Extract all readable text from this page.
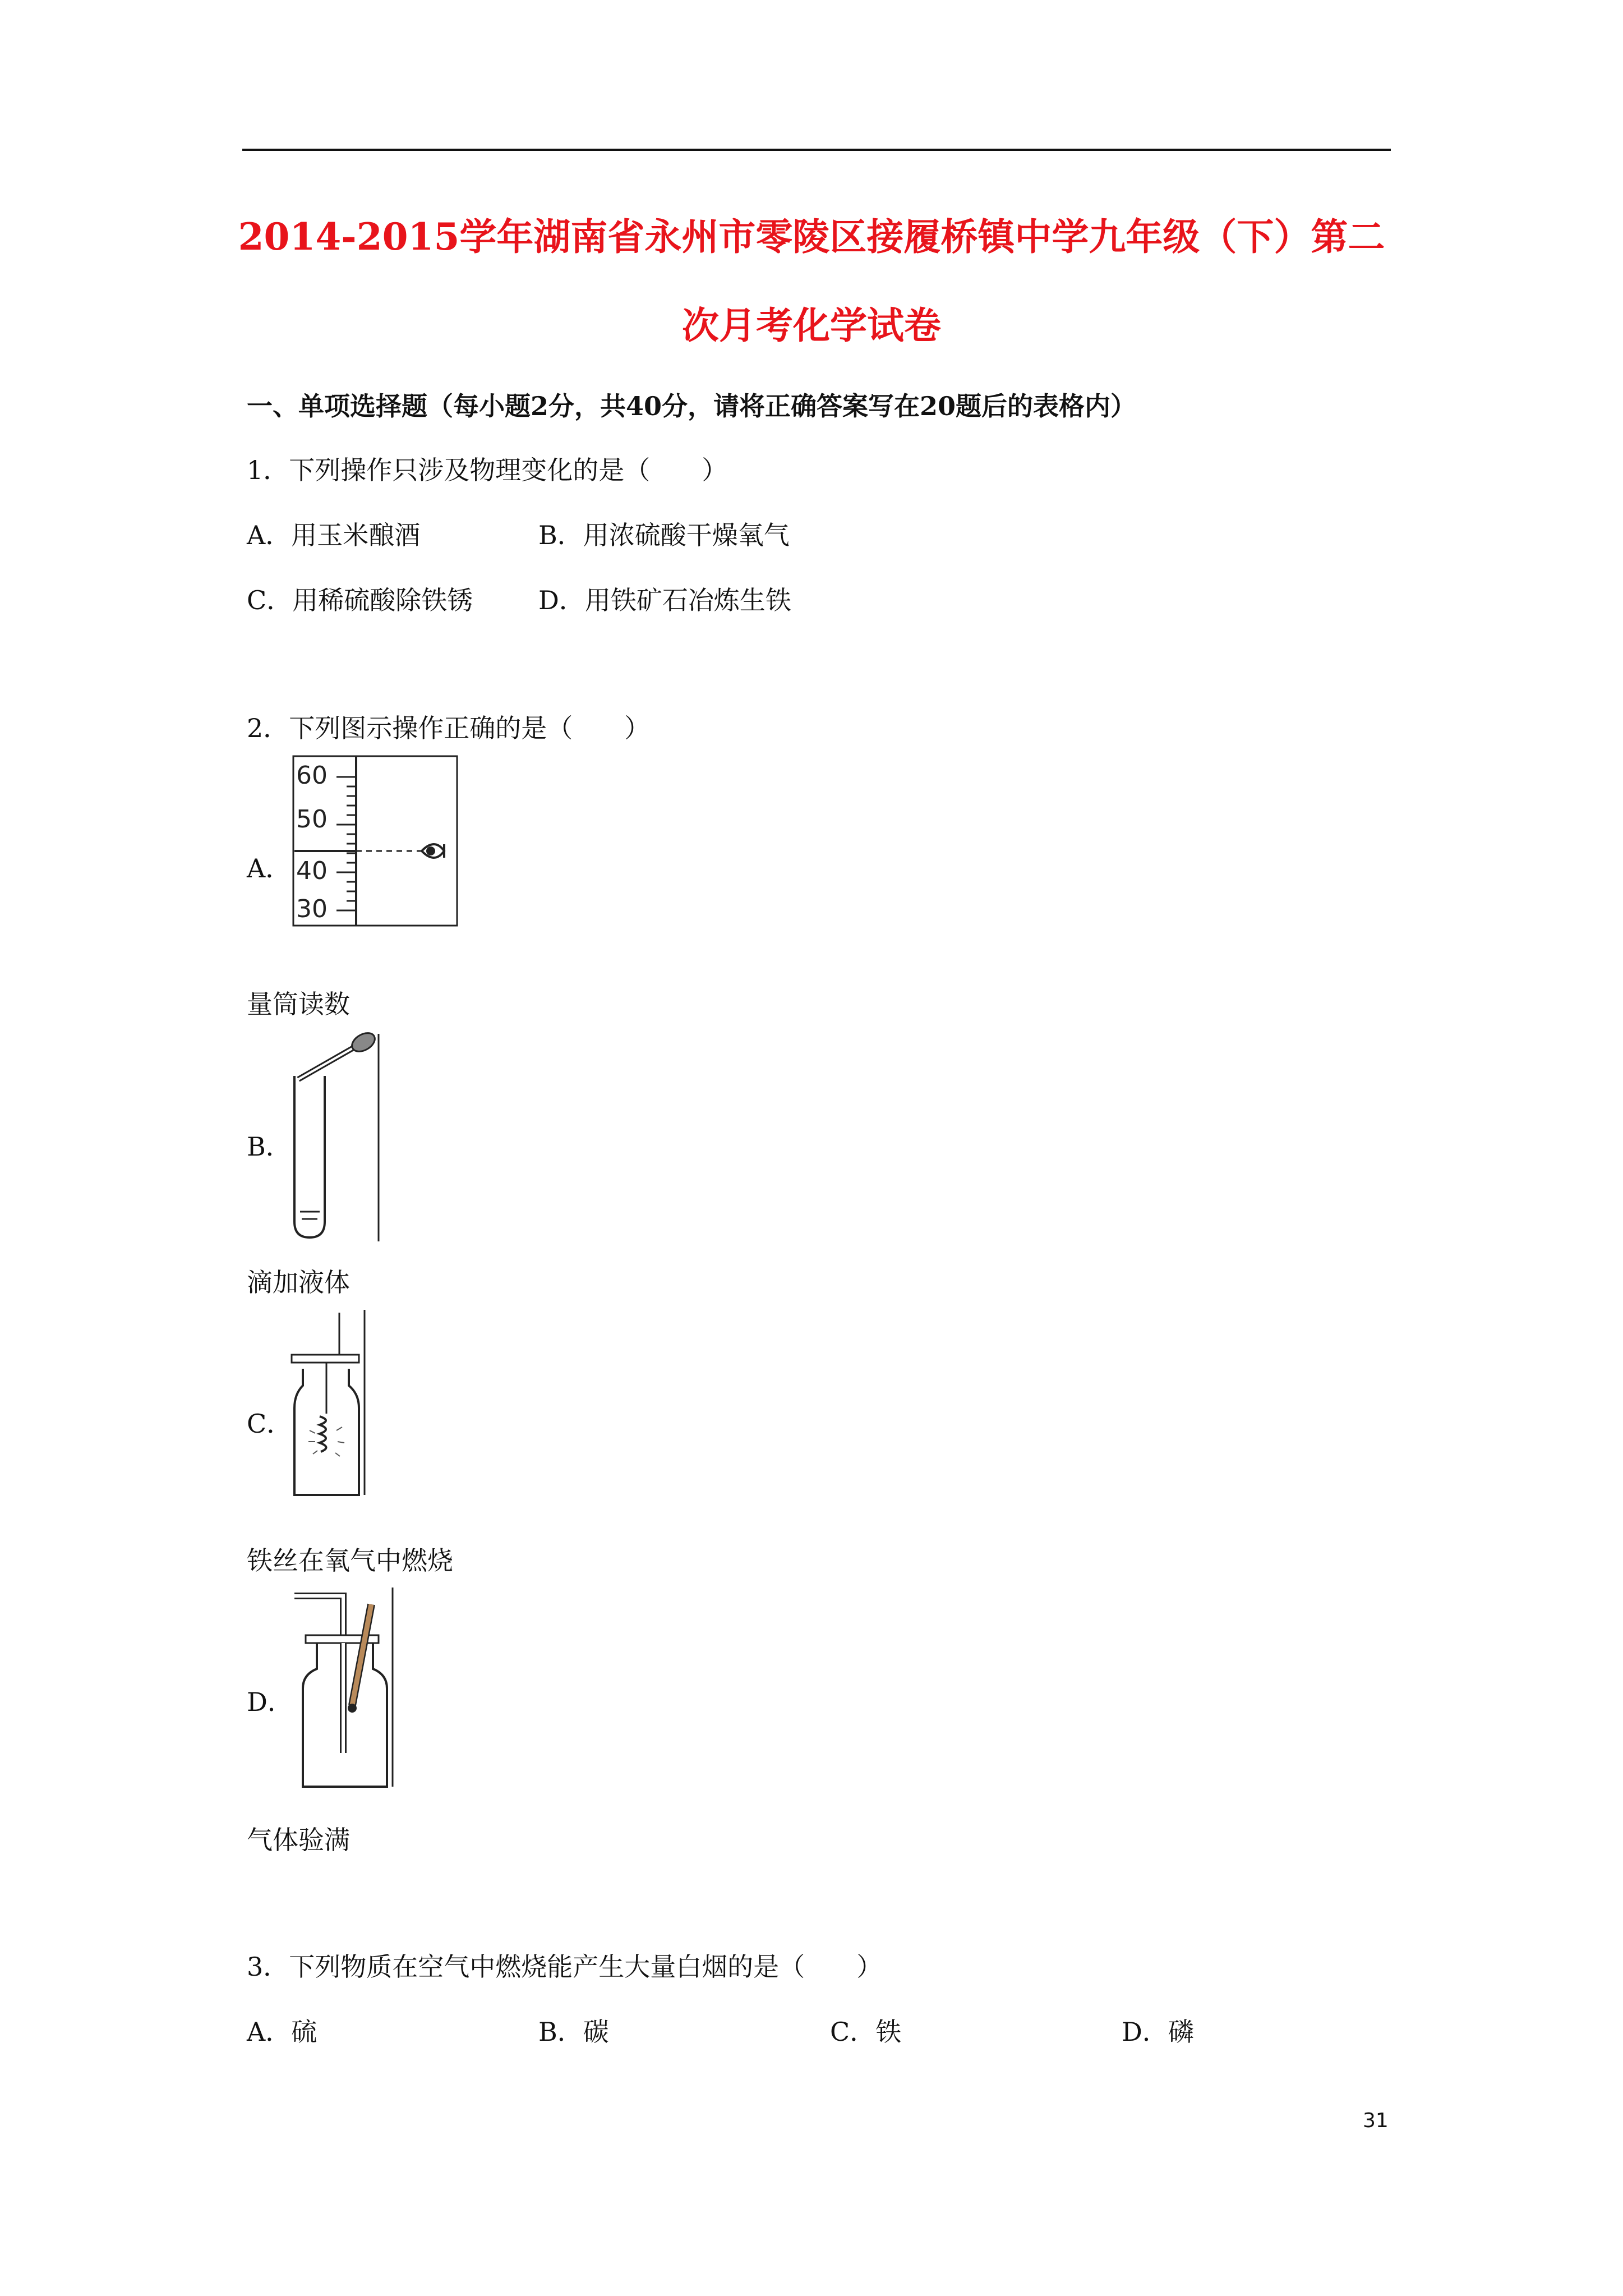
2014-2015学年湖南省永州市零陵区接履桥镇中学九年级（下）第二
次月考化学试卷
一、单项选择题（每小题2分，共40分，请将正确答案写在20题后的表格内）
1．下列操作只涉及物理变化的是（　　）
A．用玉米酿酒	B．用浓硫酸干燥氧气
C．用稀硫酸除铁锈	D．用铁矿石冶炼生铁
2．下列图示操作正确的是（　　）
A．
60
50
40
30
量筒读数
B．
滴加液体
C．
铁丝在氧气中燃烧
D．
气体验满
3．下列物质在空气中燃烧能产生大量白烟的是（　　）
A．硫	B．碳	C．铁	D．磷
31
